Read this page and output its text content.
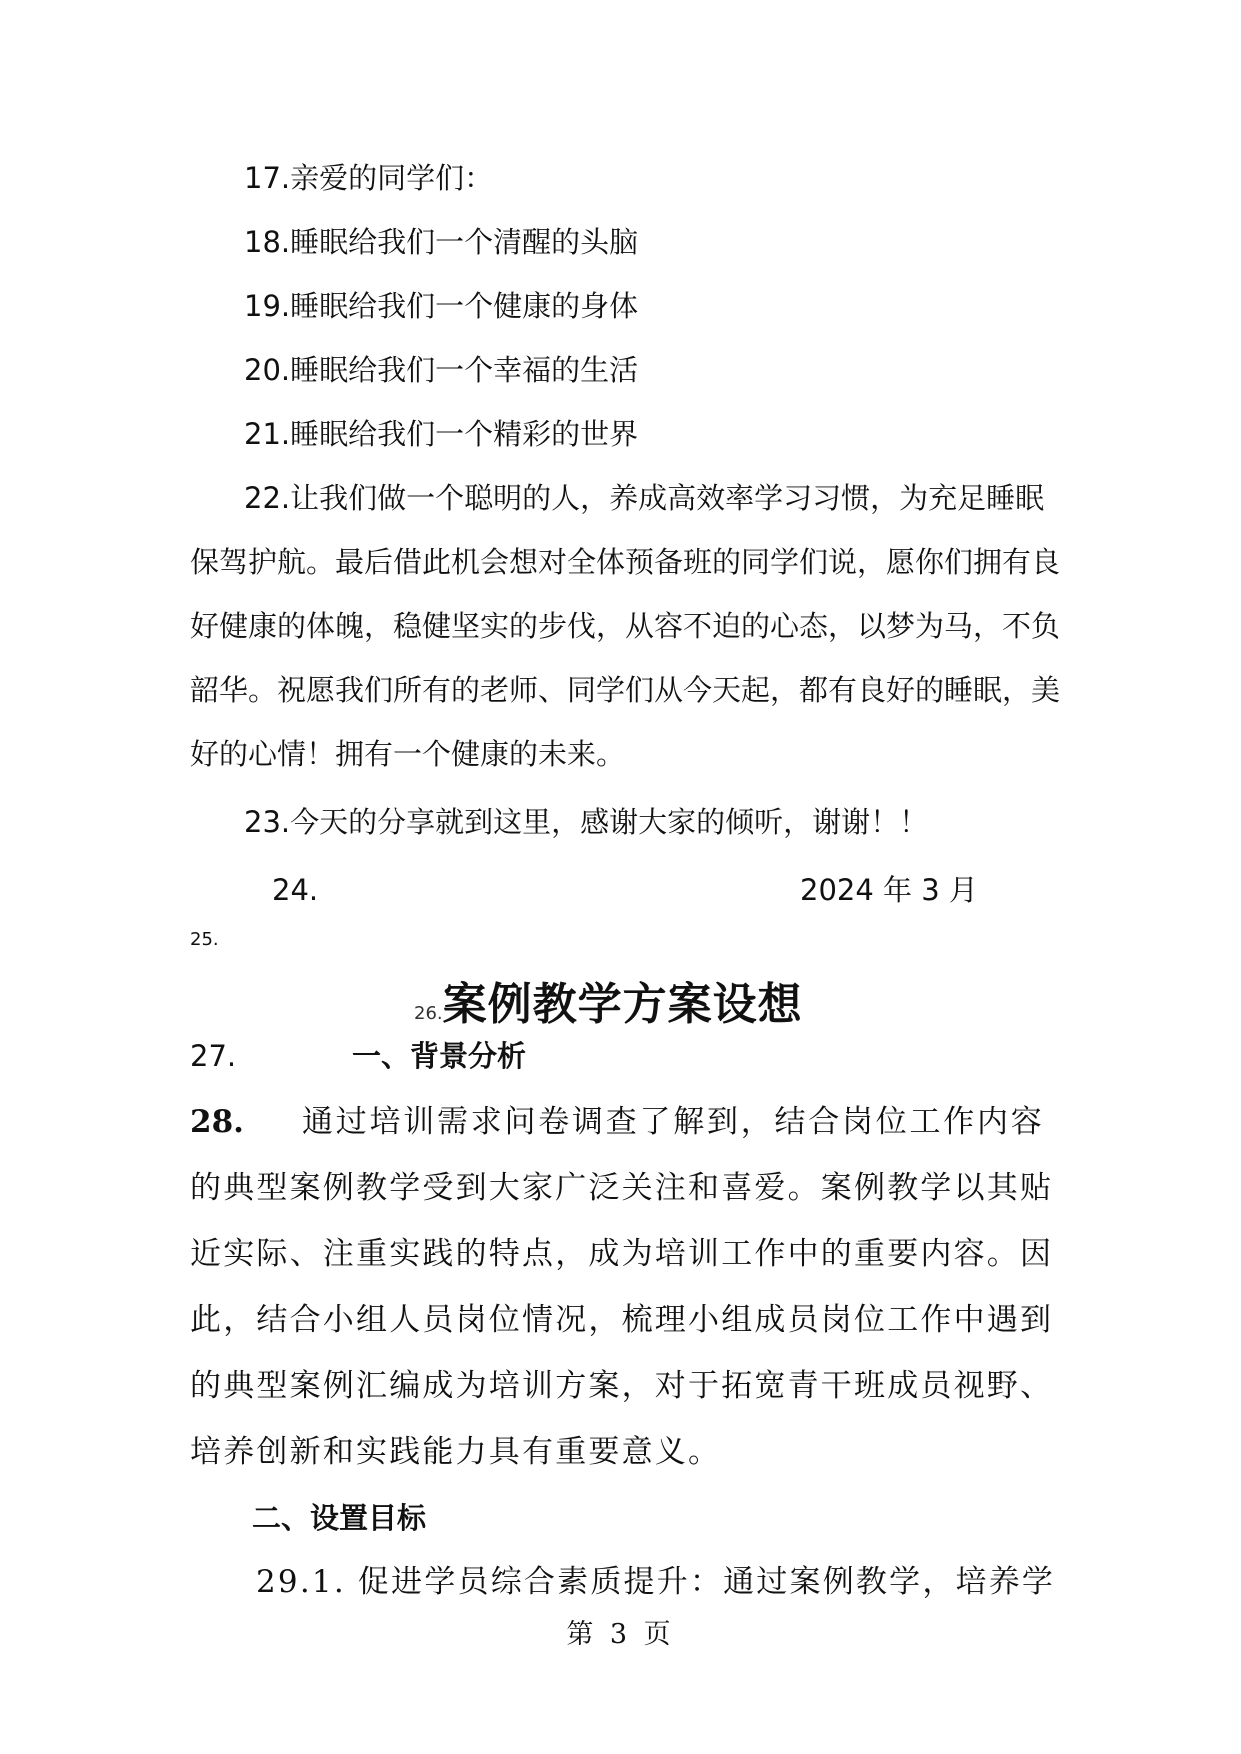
17.亲爱的同学们：
18.睡眠给我们一个清醒的头脑
19.睡眠给我们一个健康的身体
20.睡眠给我们一个幸福的生活
21.睡眠给我们一个精彩的世界
22.让我们做一个聪明的人，养成高效率学习习惯，为充足睡眠
保驾护航。最后借此机会想对全体预备班的同学们说，愿你们拥有良
好健康的体魄，稳健坚实的步伐，从容不迫的心态，以梦为马，不负
韶华。祝愿我们所有的老师、同学们从今天起，都有良好的睡眠，美
好的心情！拥有一个健康的未来。
23.今天的分享就到这里，感谢大家的倾听，谢谢！！
24.	2024 年 3 月
25.
26.案例教学方案设想
27.	一、背景分析
28. 通过培训需求问卷调查了解到，结合岗位工作内容
的典型案例教学受到大家广泛关注和喜爱。案例教学以其贴
近实际、注重实践的特点，成为培训工作中的重要内容。因
此，结合小组人员岗位情况，梳理小组成员岗位工作中遇到
的典型案例汇编成为培训方案，对于拓宽青干班成员视野、
培养创新和实践能力具有重要意义。
二、设置目标
29.1. 促进学员综合素质提升：通过案例教学，培养学
第 3 页
